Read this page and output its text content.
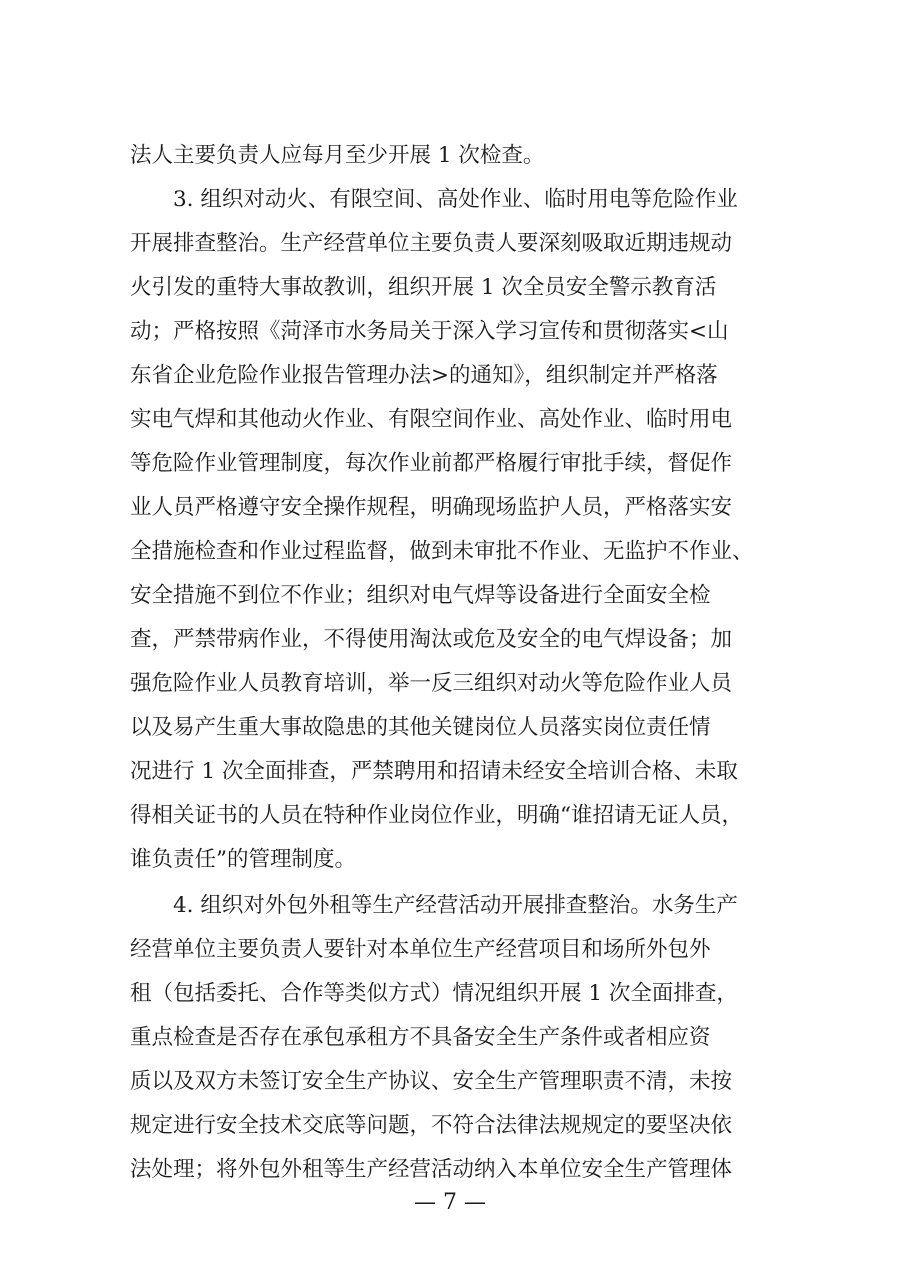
法人主要负责人应每月至少开展 1 次检查。
3. 组织对动火、有限空间、高处作业、临时用电等危险作业
开展排查整治。生产经营单位主要负责人要深刻吸取近期违规动
火引发的重特大事故教训，组织开展 1 次全员安全警示教育活
动；严格按照《菏泽市水务局关于深入学习宣传和贯彻落实<山
东省企业危险作业报告管理办法>的通知》，组织制定并严格落
实电气焊和其他动火作业、有限空间作业、高处作业、临时用电
等危险作业管理制度，每次作业前都严格履行审批手续，督促作
业人员严格遵守安全操作规程，明确现场监护人员，严格落实安
全措施检查和作业过程监督，做到未审批不作业、无监护不作业、
安全措施不到位不作业；组织对电气焊等设备进行全面安全检
查，严禁带病作业，不得使用淘汰或危及安全的电气焊设备；加
强危险作业人员教育培训，举一反三组织对动火等危险作业人员
以及易产生重大事故隐患的其他关键岗位人员落实岗位责任情
况进行 1 次全面排查，严禁聘用和招请未经安全培训合格、未取
得相关证书的人员在特种作业岗位作业，明确“谁招请无证人员，
谁负责任”的管理制度。
4. 组织对外包外租等生产经营活动开展排查整治。水务生产
经营单位主要负责人要针对本单位生产经营项目和场所外包外
租（包括委托、合作等类似方式）情况组织开展 1 次全面排查，
重点检查是否存在承包承租方不具备安全生产条件或者相应资
质以及双方未签订安全生产协议、安全生产管理职责不清，未按
规定进行安全技术交底等问题，不符合法律法规规定的要坚决依
法处理；将外包外租等生产经营活动纳入本单位安全生产管理体
— 7 —
